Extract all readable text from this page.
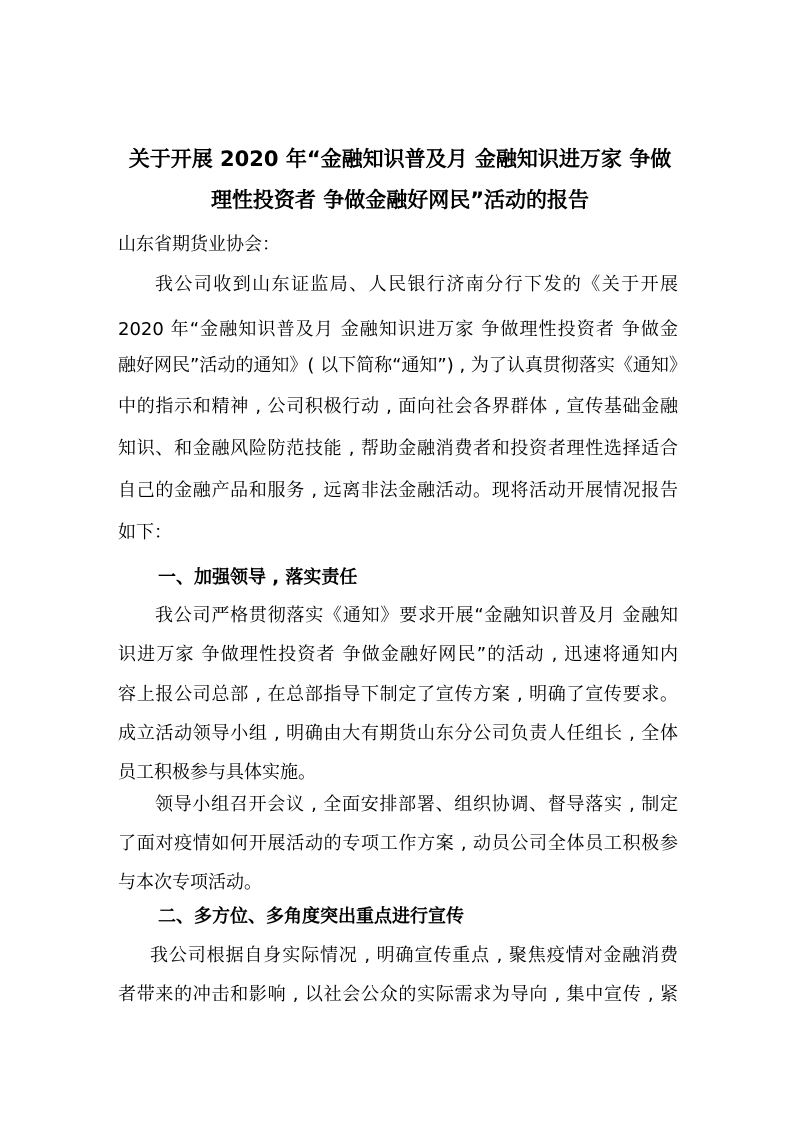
关于开展 2020 年“金融知识普及月 金融知识进万家 争做
理性投资者 争做金融好网民”活动的报告

山东省期货业协会：

我公司收到山东证监局、人民银行济南分行下发的《关于开展

2020 年“金融知识普及月 金融知识进万家 争做理性投资者 争做金

融好网民”活动的通知》( 以下简称“通知”) , 为了认真贯彻落实《通知》

中的指示和精神 , 公司积极行动 , 面向社会各界群体 , 宣传基础金融

知识、和金融风险防范技能 , 帮助金融消费者和投资者理性选择适合

自己的金融产品和服务 , 远离非法金融活动。现将活动开展情况报告

如下：

一、加强领导 , 落实责任

我公司严格贯彻落实《通知》要求开展“金融知识普及月 金融知

识进万家 争做理性投资者 争做金融好网民”的活动 , 迅速将通知内

容上报公司总部 , 在总部指导下制定了宣传方案 , 明确了宣传要求。

成立活动领导小组 , 明确由大有期货山东分公司负责人任组长 , 全体

员工积极参与具体实施。

领导小组召开会议 , 全面安排部署、组织协调、督导落实 , 制定

了面对疫情如何开展活动的专项工作方案 , 动员公司全体员工积极参

与本次专项活动。

二、多方位、多角度突出重点进行宣传

我公司根据自身实际情况 , 明确宣传重点 , 聚焦疫情对金融消费

者带来的冲击和影响 , 以社会公众的实际需求为导向 , 集中宣传 , 紧
